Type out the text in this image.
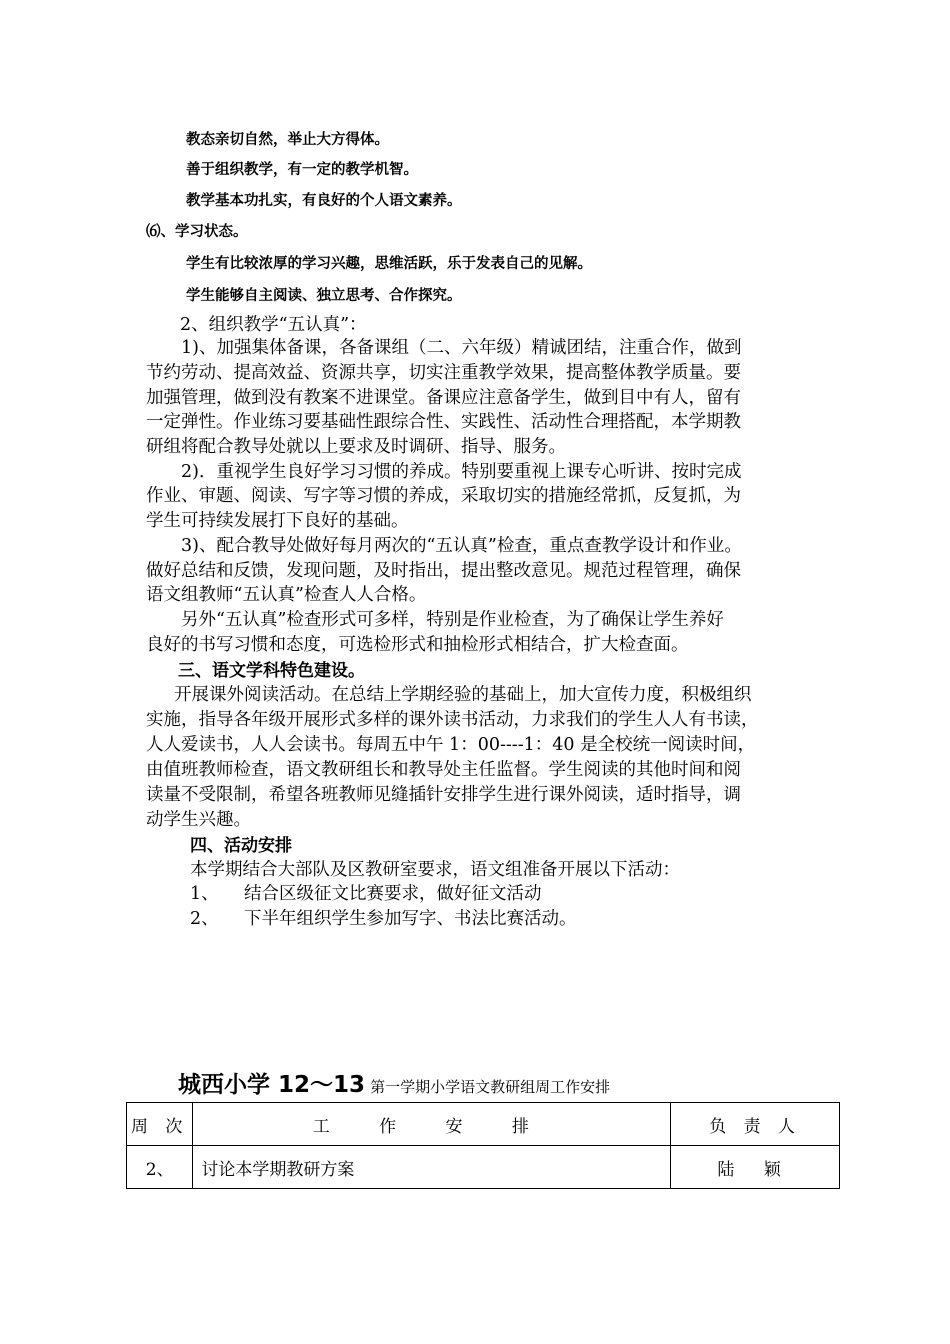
教态亲切自然，举止大方得体。
善于组织教学，有一定的教学机智。
教学基本功扎实，有良好的个人语文素养。
⑹、学习状态。
学生有比较浓厚的学习兴趣，思维活跃，乐于发表自己的见解。
学生能够自主阅读、独立思考、合作探究。
2、组织教学“五认真”：
1)、加强集体备课，各备课组（二、六年级）精诚团结，注重合作，做到
节约劳动、提高效益、资源共享，切实注重教学效果，提高整体教学质量。要
加强管理，做到没有教案不进课堂。备课应注意备学生，做到目中有人，留有
一定弹性。作业练习要基础性跟综合性、实践性、活动性合理搭配，本学期教
研组将配合教导处就以上要求及时调研、指导、服务。
2)．重视学生良好学习习惯的养成。特别要重视上课专心听讲、按时完成
作业、审题、阅读、写字等习惯的养成，采取切实的措施经常抓，反复抓，为
学生可持续发展打下良好的基础。
3)、配合教导处做好每月两次的“五认真”检查，重点查教学设计和作业。
做好总结和反馈，发现问题，及时指出，提出整改意见。规范过程管理，确保
语文组教师“五认真”检查人人合格。
另外“五认真”检查形式可多样，特别是作业检查，为了确保让学生养好
良好的书写习惯和态度，可选检形式和抽检形式相结合，扩大检查面。
三、语文学科特色建设。
开展课外阅读活动。在总结上学期经验的基础上，加大宣传力度，积极组织
实施，指导各年级开展形式多样的课外读书活动，力求我们的学生人人有书读，
人人爱读书，人人会读书。每周五中午 1：00----1：40 是全校统一阅读时间，
由值班教师检查，语文教研组长和教导处主任监督。学生阅读的其他时间和阅
读量不受限制，希望各班教师见缝插针安排学生进行课外阅读，适时指导，调
动学生兴趣。
四、活动安排
本学期结合大部队及区教研室要求，语文组准备开展以下活动：
1、 结合区级征文比赛要求，做好征文活动
2、 下半年组织学生参加写字、书法比赛活动。
城西小学 12～13 第一学期小学语文教研组周工作安排
周 次	工 作 安 排	负 责 人
2、	讨论本学期教研方案	陆 颖
